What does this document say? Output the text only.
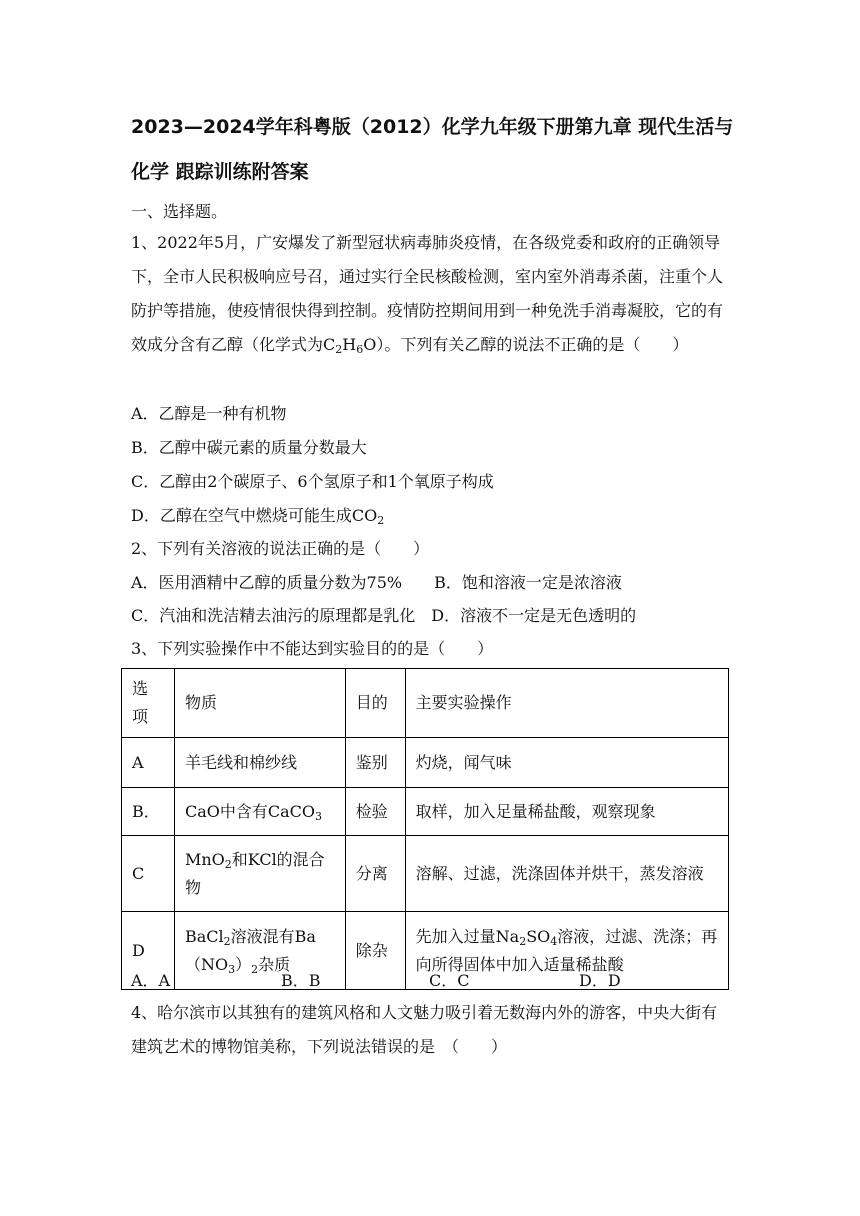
2023—2024学年科粤版（2012）化学九年级下册第九章 现代生活与
化学 跟踪训练附答案
一、选择题。
1、2022年5月，广安爆发了新型冠状病毒肺炎疫情，在各级党委和政府的正确领导下，全市人民积极响应号召，通过实行全民核酸检测，室内室外消毒杀菌，注重个人防护等措施，使疫情很快得到控制。疫情防控期间用到一种免洗手消毒凝胶，它的有效成分含有乙醇（化学式为$C_2H_6O$）。下列有关乙醇的说法不正确的是（　　）
A．乙醇是一种有机物
B．乙醇中碳元素的质量分数最大
C．乙醇由2个碳原子、6个氢原子和1个氧原子构成
D．乙醇在空气中燃烧可能生成$CO_2$
2、下列有关溶液的说法正确的是（　　）
A．医用酒精中乙醇的质量分数为75%　　B．饱和溶液一定是浓溶液
C．汽油和洗洁精去油污的原理都是乳化　D．溶液不一定是无色透明的
3、下列实验操作中不能达到实验目的的是（　　）
选项	物质	目的	主要实验操作
A	羊毛线和棉纱线	鉴别	灼烧，闻气味
B．	CaO中含有CaCO$_3$	检验	取样，加入足量稀盐酸，观察现象
C	MnO$_2$和KCl的混合物	分离	溶解、过滤，洗涤固体并烘干，蒸发溶液
D	BaCl$_2$溶液混有$Ba(NO_3)_2$杂质	除杂	先加入过量$Na_2SO_4$溶液，过滤、洗涤；再向所得固体中加入适量稀盐酸
A．A	B．B	C．C	D．D
4、哈尔滨市以其独有的建筑风格和人文魅力吸引着无数海内外的游客，中央大街有建筑艺术的博物馆美称，下列说法错误的是　（　　）
